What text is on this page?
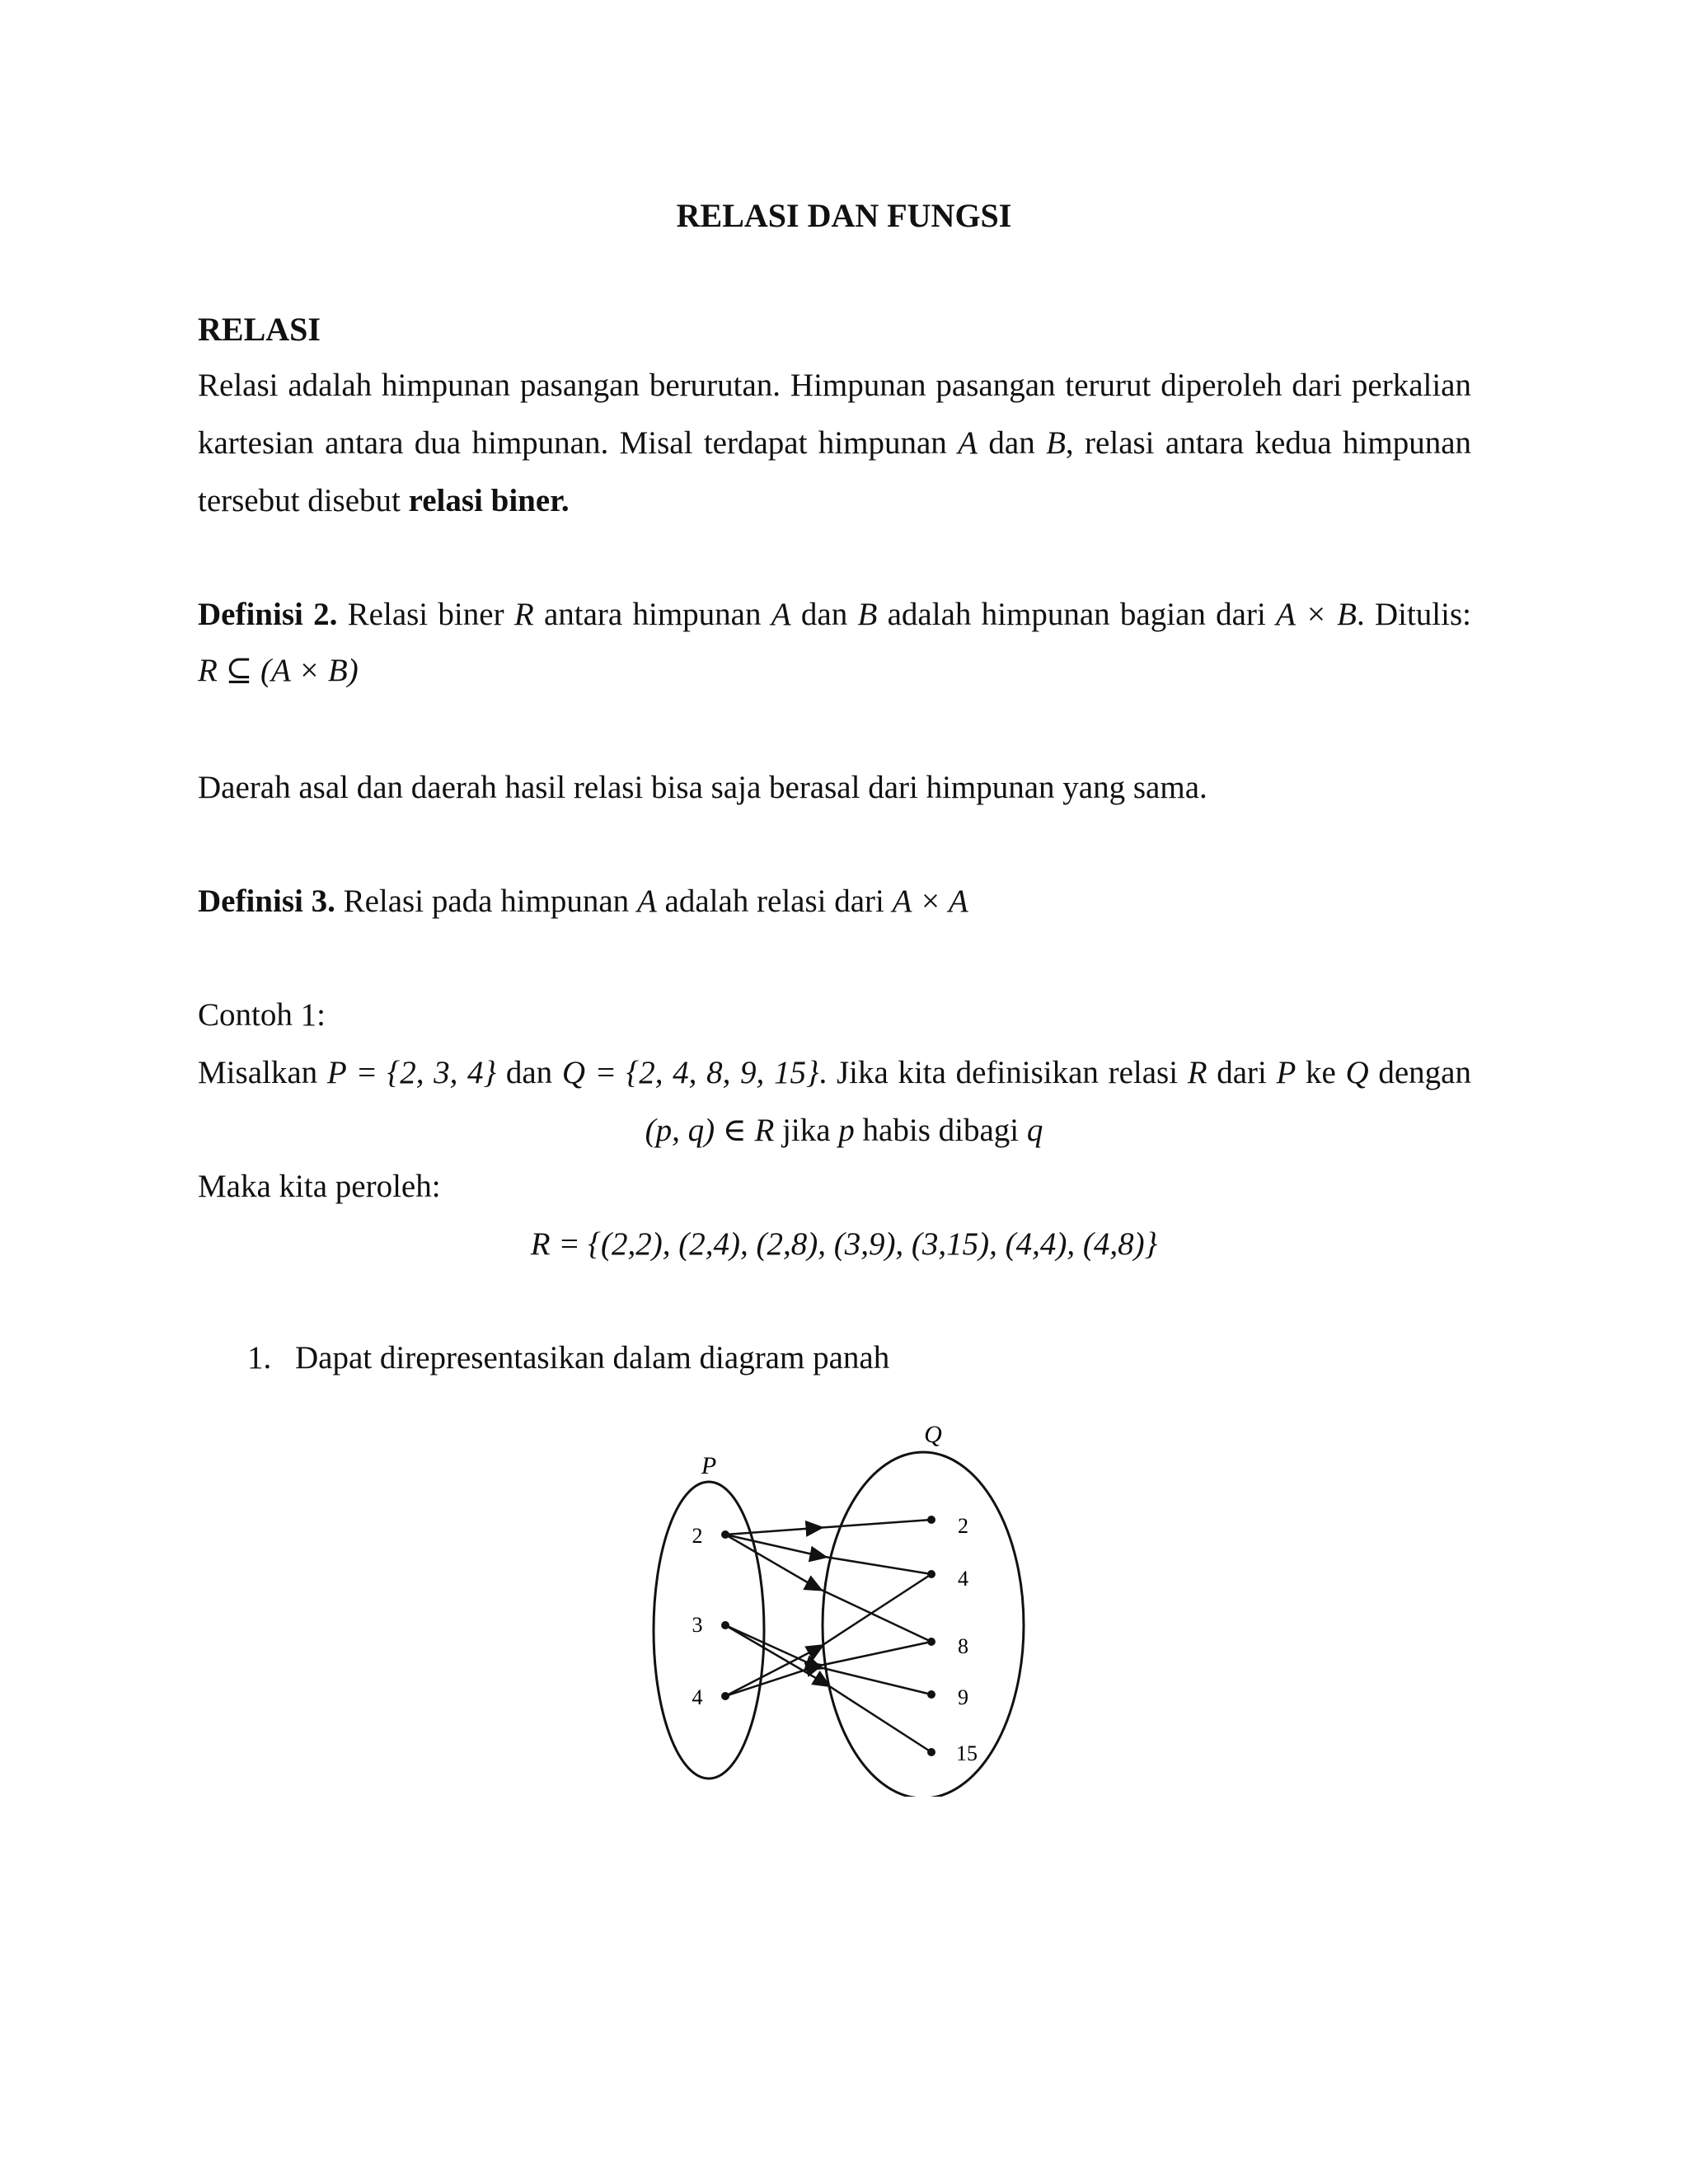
RELASI DAN FUNGSI
RELASI
Relasi adalah himpunan pasangan berurutan. Himpunan pasangan terurut diperoleh dari perkalian
kartesian antara dua himpunan. Misal terdapat himpunan A dan B, relasi antara kedua himpunan
tersebut disebut relasi biner.
Definisi 2. Relasi biner R antara himpunan A dan B adalah himpunan bagian dari A × B. Ditulis:
R ⊆ (A × B)
Daerah asal dan daerah hasil relasi bisa saja berasal dari himpunan yang sama.
Definisi 3. Relasi pada himpunan A adalah relasi dari A × A
Contoh 1:
Misalkan P = {2, 3, 4} dan Q = {2, 4, 8, 9, 15}. Jika kita definisikan relasi R dari P ke Q dengan
(p, q) ∈ R jika p habis dibagi q
Maka kita peroleh:
R = {(2,2), (2,4), (2,8), (3,9), (3,15), (4,4), (4,8)}
1. Dapat direpresentasikan dalam diagram panah
P
Q
2
3
4
2
4
8
9
15
